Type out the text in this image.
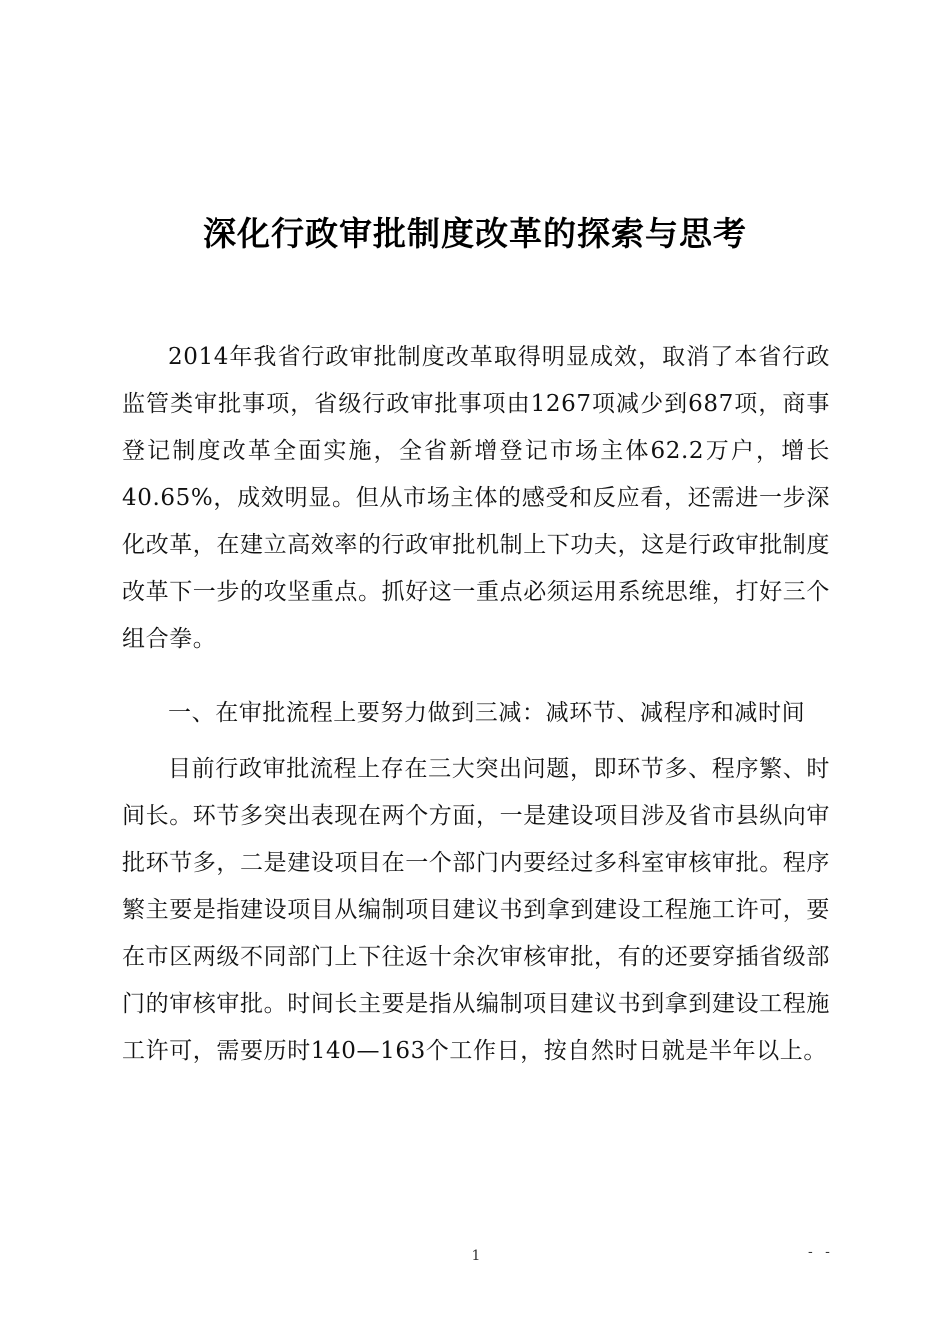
深化行政审批制度改革的探索与思考

2014年我省行政审批制度改革取得明显成效，取消了本省行政监管类审批事项，省级行政审批事项由1267项减少到687项，商事登记制度改革全面实施，全省新增登记市场主体62.2万户，增长40.65%，成效明显。但从市场主体的感受和反应看，还需进一步深化改革，在建立高效率的行政审批机制上下功夫，这是行政审批制度改革下一步的攻坚重点。抓好这一重点必须运用系统思维，打好三个组合拳。

一、在审批流程上要努力做到三减：减环节、减程序和减时间

目前行政审批流程上存在三大突出问题，即环节多、程序繁、时间长。环节多突出表现在两个方面，一是建设项目涉及省市县纵向审批环节多，二是建设项目在一个部门内要经过多科室审核审批。程序繁主要是指建设项目从编制项目建议书到拿到建设工程施工许可，要在市区两级不同部门上下往返十余次审核审批，有的还要穿插省级部门的审核审批。时间长主要是指从编制项目建议书到拿到建设工程施工许可，需要历时140—163个工作日，按自然时日就是半年以上。

1	- -
